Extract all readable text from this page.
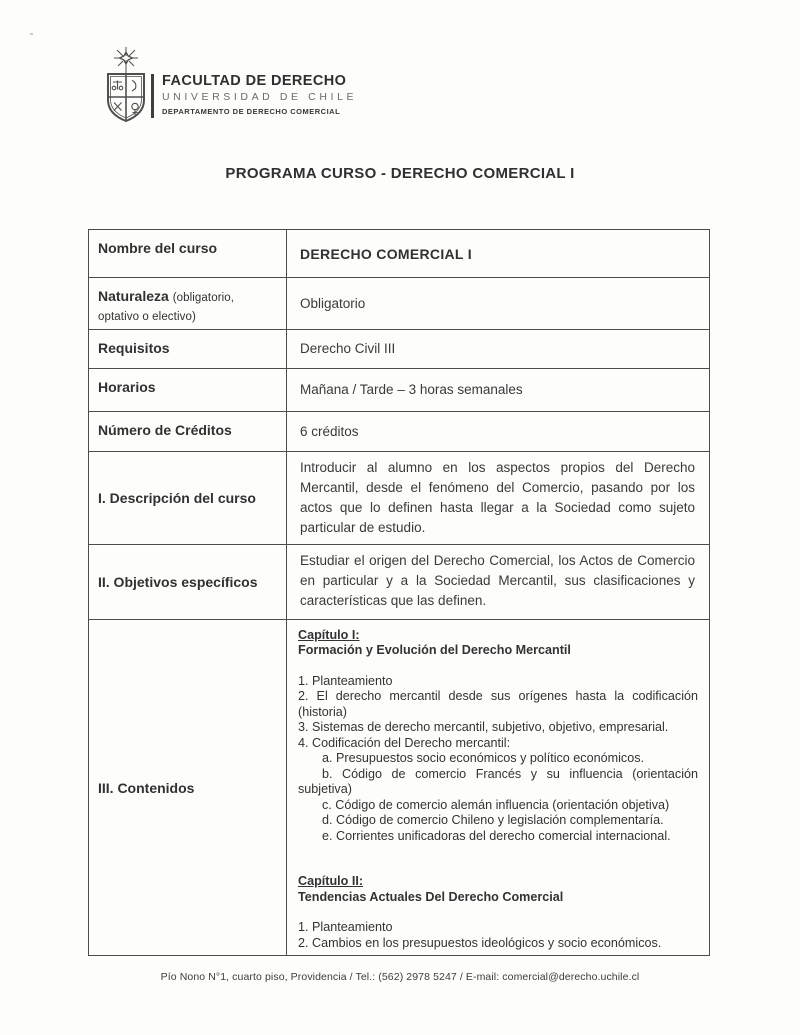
FACULTAD DE DERECHO
UNIVERSIDAD DE CHILE
DEPARTAMENTO DE DERECHO COMERCIAL
PROGRAMA CURSO - DERECHO COMERCIAL I
Nombre del curso	DERECHO COMERCIAL I
Naturaleza (obligatorio, optativo o electivo)	Obligatorio
Requisitos	Derecho Civil III
Horarios	Mañana / Tarde – 3 horas semanales
Número de Créditos	6 créditos
I. Descripción del curso	Introducir al alumno en los aspectos propios del Derecho Mercantil, desde el fenómeno del Comercio, pasando por los actos que lo definen hasta llegar a la Sociedad como sujeto particular de estudio.
II. Objetivos específicos	Estudiar el origen del Derecho Comercial, los Actos de Comercio en particular y a la Sociedad Mercantil, sus clasificaciones y características que las definen.
III. Contenidos	
Capítulo I:
Formación y Evolución del Derecho Mercantil
1. Planteamiento
2. El derecho mercantil desde sus orígenes hasta la codificación (historia)
3. Sistemas de derecho mercantil, subjetivo, objetivo, empresarial.
4. Codificación del Derecho mercantil:
a. Presupuestos socio económicos y político económicos.
b. Código de comercio Francés y su influencia (orientación subjetiva)
c. Código de comercio alemán influencia (orientación objetiva)
d. Código de comercio Chileno y legislación complementaría.
e. Corrientes unificadoras del derecho comercial internacional.
Capítulo II:
Tendencias Actuales Del Derecho Comercial
1. Planteamiento
2. Cambios en los presupuestos ideológicos y socio económicos.
Pío Nono N°1, cuarto piso, Providencia / Tel.: (562) 2978 5247 / E-mail: comercial@derecho.uchile.cl
